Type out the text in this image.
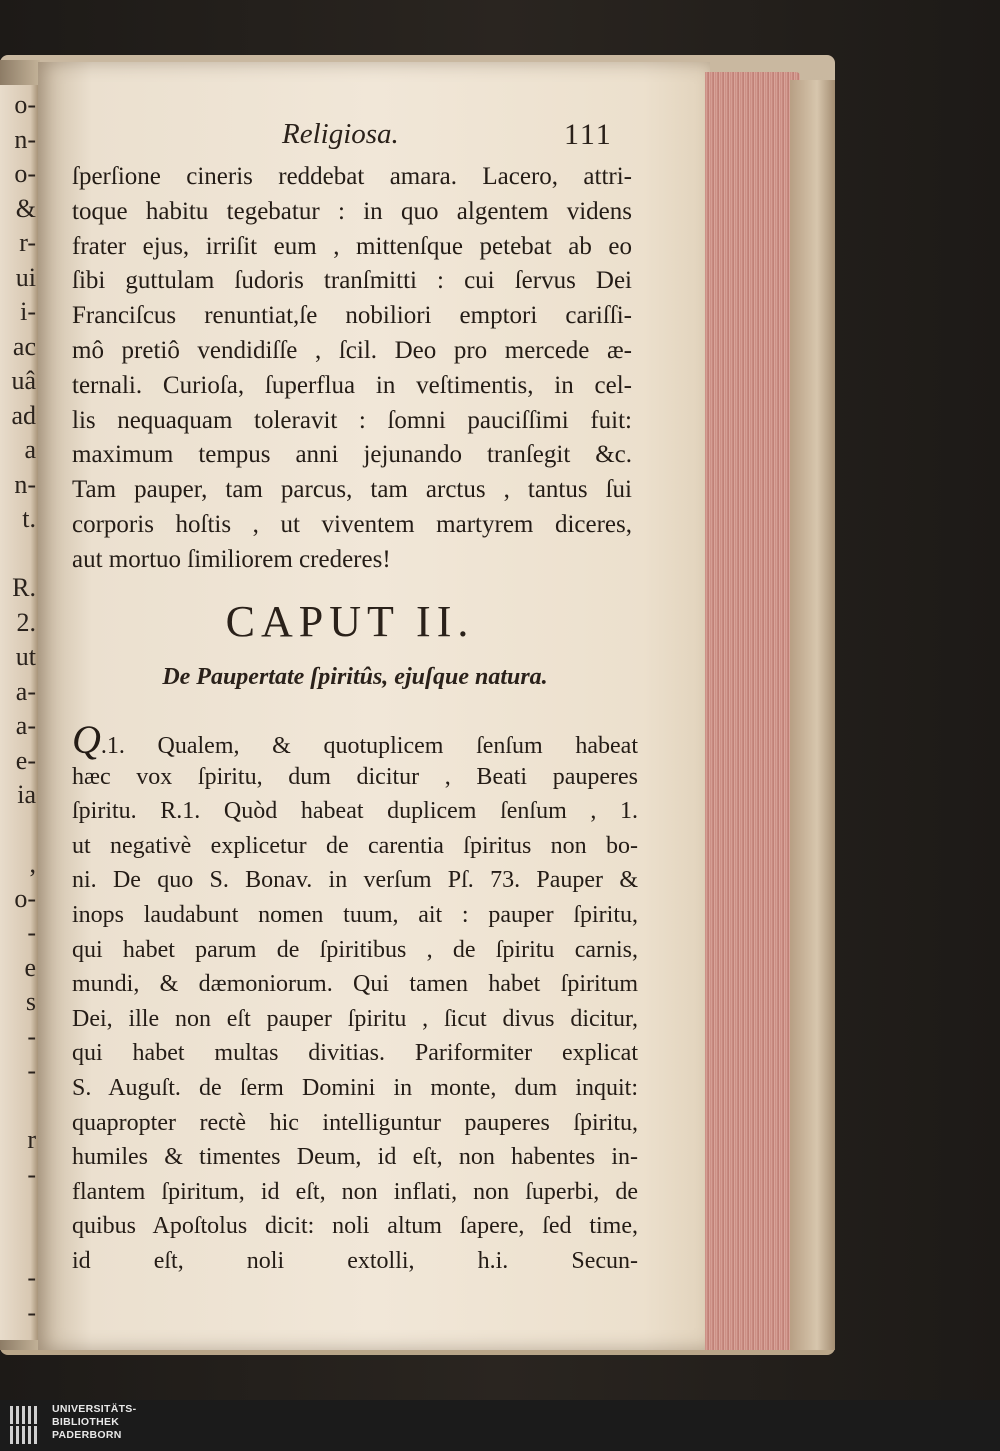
o-
n-
o-
&
r-
ui
i-
ac
uâ
ad
a
n-
t.
R.
2.
ut
a-
a-
e-
ia
,
o-
-
e
s
-
-
r
-
-
-
Religiosa.	111
ſperſione cineris reddebat amara. Lacero, attri-
toque habitu tegebatur : in quo algentem videns
frater ejus, irriſit eum , mittenſque petebat ab eo
ſibi guttulam ſudoris tranſmitti : cui ſervus Dei
Franciſcus renuntiat,ſe nobiliori emptori cariſſi-
mô pretiô vendidiſſe , ſcil. Deo pro mercede æ-
ternali. Curioſa, ſuperflua in veſtimentis, in cel-
lis nequaquam toleravit : ſomni pauciſſimi fuit:
maximum tempus anni jejunando tranſegit &c.
Tam pauper, tam parcus, tam arctus , tantus ſui
corporis hoſtis , ut viventem martyrem diceres,
aut mortuo ſimiliorem crederes!
CAPUT II.
De Paupertate ſpiritûs, ejuſque natura.
Q.1. Qualem, & quotuplicem ſenſum habeat
hæc vox ſpiritu, dum dicitur , Beati pauperes
ſpiritu. R.1. Quòd habeat duplicem ſenſum , 1.
ut negativè explicetur de carentia ſpiritus non bo-
ni. De quo S. Bonav. in verſum Pſ. 73. Pauper &
inops laudabunt nomen tuum, ait : pauper ſpiritu,
qui habet parum de ſpiritibus , de ſpiritu carnis,
mundi, & dæmoniorum. Qui tamen habet ſpiritum
Dei, ille non eſt pauper ſpiritu , ſicut divus dicitur,
qui habet multas divitias. Pariformiter explicat
S. Auguſt. de ſerm Domini in monte, dum inquit:
quapropter rectè hic intelliguntur pauperes ſpiritu,
humiles & timentes Deum, id eſt, non habentes in-
flantem ſpiritum, id eſt, non inflati, non ſuperbi, de
quibus Apoſtolus dicit: noli altum ſapere, ſed time,
id eſt, noli extolli, h.i. Secun-
UNIVERSITÄTS-
BIBLIOTHEK
PADERBORN
